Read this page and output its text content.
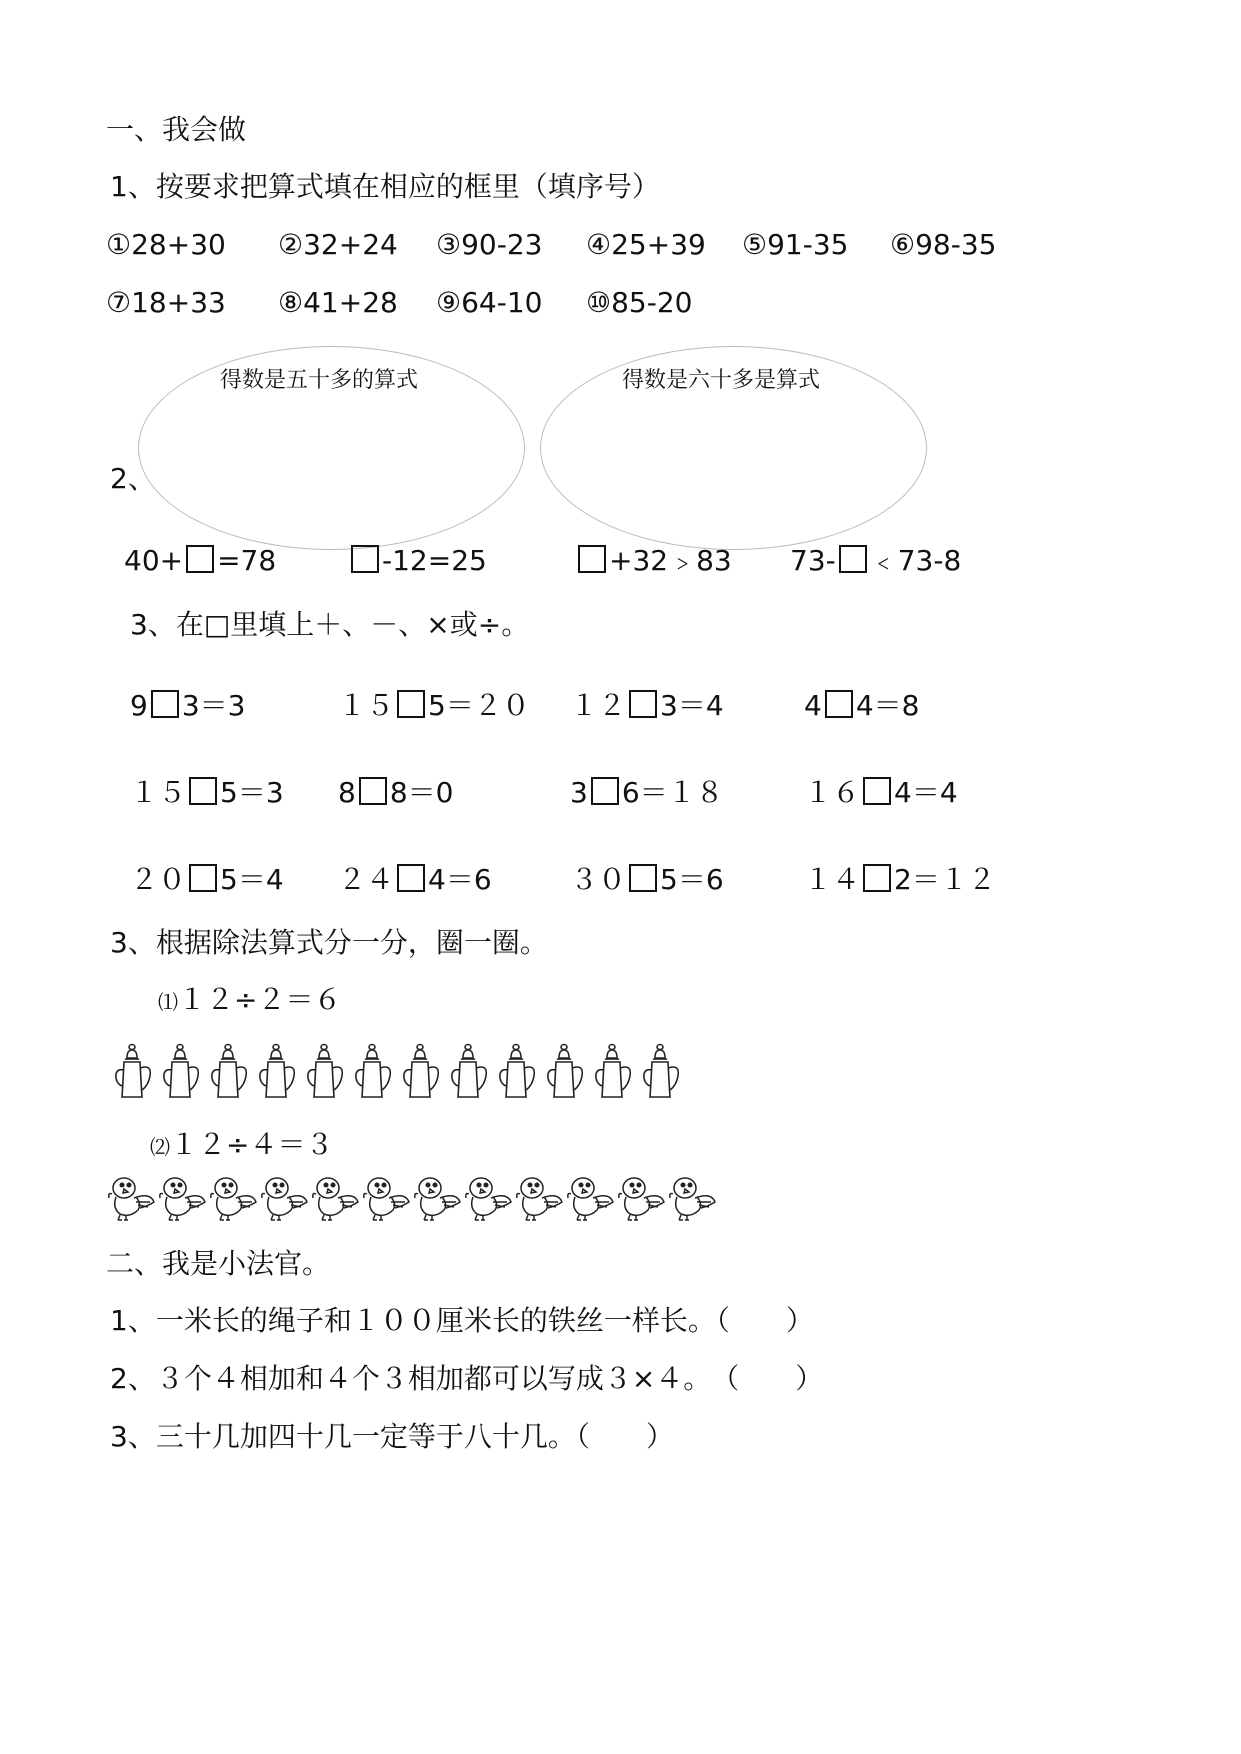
一、我会做
1、按要求把算式填在相应的框里（填序号）
①28+30 ②32+24 ③90-23 ④25+39 ⑤91-35 ⑥98-35
⑦18+33 ⑧41+28 ⑨64-10 ⑩85-20
得数是五十多的算式	得数是六十多是算式
2、
40+ =78	-12=25	+32﹥83 73- ﹤73-8
3、在□里填上＋、－、×或÷。
9 3＝3	１５ 5＝２０ １２ 3＝4	4 4＝8
１５ 5＝3 8 8＝0	3 6＝１８	１６ 4＝4
２０ 5＝4 ２４ 4＝6	３０ 5＝6	１４ 2＝１２
3、根据除法算式分一分，圈一圈。
⑴１２÷２＝６
⑵１２÷４＝３
二、我是小法官。
1、一米长的绳子和１００厘米长的铁丝一样长。（　　）
2、３个４相加和４个３相加都可以写成３×４。　（　　）
3、三十几加四十几一定等于八十几。（　　）
